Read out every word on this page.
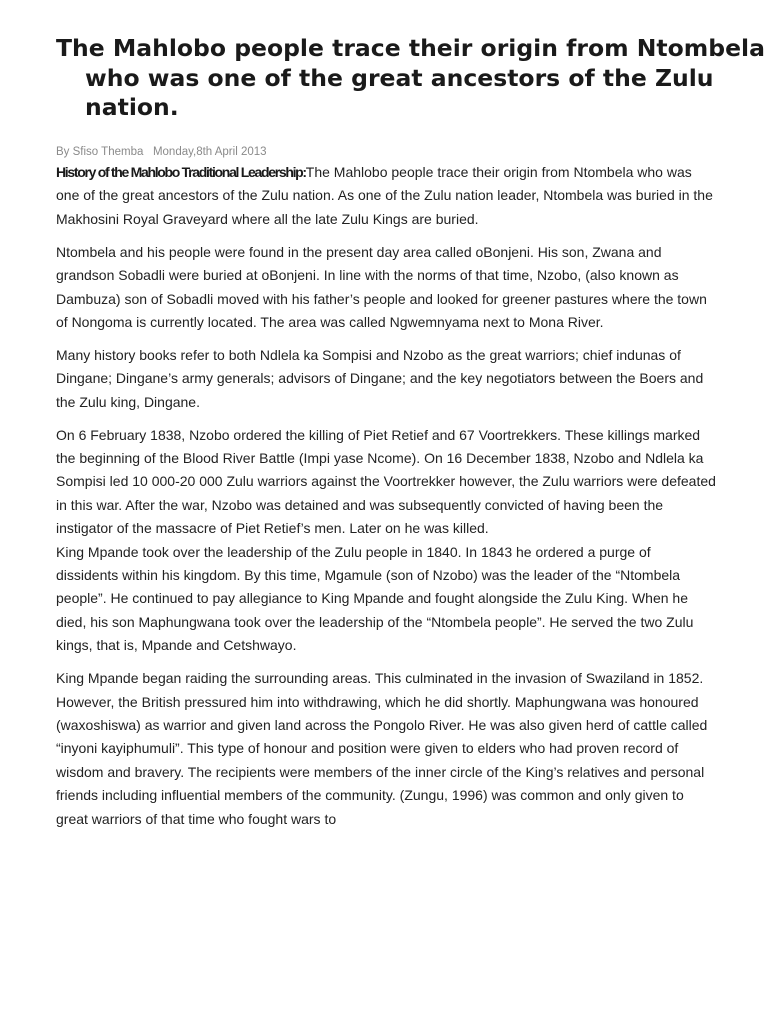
The Mahlobo people trace their origin from Ntombela who was one of the great ancestors of the Zulu nation.
By Sfiso Themba   Monday,8th April 2013

History of the Mahlobo Traditional Leadership:The Mahlobo people trace their origin from Ntombela who was one of the great ancestors of the Zulu nation. As one of the Zulu nation leader, Ntombela was buried in the Makhosini Royal Graveyard where all the late Zulu Kings are buried.

Ntombela and his people were found in the present day area called oBonjeni. His son, Zwana and grandson Sobadli were buried at oBonjeni. In line with the norms of that time, Nzobo, (also known as Dambuza) son of Sobadli moved with his father’s people and looked for greener pastures where the town of Nongoma is currently located. The area was called Ngwemnyama next to Mona River.

Many history books refer to both Ndlela ka Sompisi and Nzobo as the great warriors; chief indunas of Dingane; Dingane’s army generals; advisors of Dingane; and the key negotiators between the Boers and the Zulu king, Dingane.

On 6 February 1838, Nzobo ordered the killing of Piet Retief and 67 Voortrekkers. These killings marked the beginning of the Blood River Battle (Impi yase Ncome). On 16 December 1838, Nzobo and Ndlela ka Sompisi led 10 000-20 000 Zulu warriors against the Voortrekker however, the Zulu warriors were defeated in this war. After the war, Nzobo was detained and was subsequently convicted of having been the instigator of the massacre of Piet Retief’s men. Later on he was killed.

King Mpande took over the leadership of the Zulu people in 1840. In 1843 he ordered a purge of dissidents within his kingdom. By this time, Mgamule (son of Nzobo) was the leader of the “Ntombela people”. He continued to pay allegiance to King Mpande and fought alongside the Zulu King. When he died, his son Maphungwana took over the leadership of the “Ntombela people”. He served the two Zulu kings, that is, Mpande and Cetshwayo.

King Mpande began raiding the surrounding areas. This culminated in the invasion of Swaziland in 1852. However, the British pressured him into withdrawing, which he did shortly. Maphungwana was honoured (waxoshiswa) as warrior and given land across the Pongolo River. He was also given herd of cattle called “inyoni kayiphumuli”. This type of honour and position were given to elders who had proven record of wisdom and bravery. The recipients were members of the inner circle of the King’s relatives and personal friends including influential members of the community. (Zungu, 1996) was common and only given to great warriors of that time who fought wars to
